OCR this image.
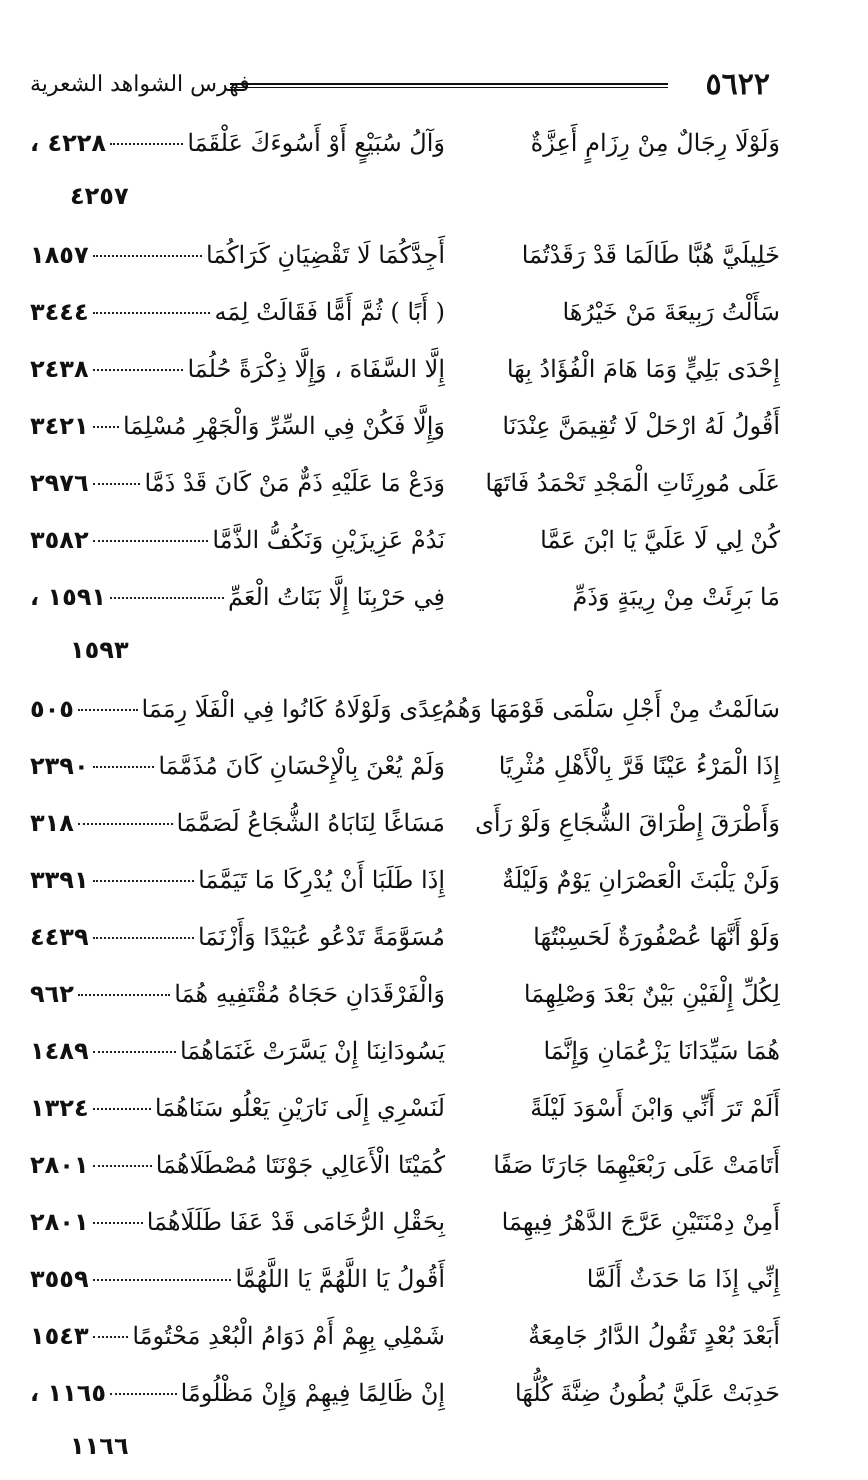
٥٦٢٢
فهرس الشواهد الشعرية
وَلَوْلَا رِجَالٌ مِنْ رِزَامٍ أَعِزَّةٌ
وَآلُ سُبَيْعٍ أَوْ أَسُوءَكَ عَلْقَمَا
٤٢٢٨ ،
٤٢٥٧
خَلِيلَيَّ هُبَّا طَالَمَا قَدْ رَقَدْتُمَا
أَجِدَّكُمَا لَا تَقْضِيَانِ كَرَاكُمَا
١٨٥٧
سَأَلْتُ رَبِيعَةَ مَنْ خَيْرُهَا
( أَبًا ) ثُمَّ أَمًّا فَقَالَتْ لِمَه
٣٤٤٤
إِحْدَى بَلِيٍّ وَمَا هَامَ الْفُؤَادُ بِهَا
إِلَّا السَّفَاهَ ، وَإِلَّا ذِكْرَةً حُلُمَا
٢٤٣٨
أَقُولُ لَهُ ارْحَلْ لَا تُقِيمَنَّ عِنْدَنَا
وَإِلَّا فَكُنْ فِي السِّرِّ وَالْجَهْرِ مُسْلِمَا
٣٤٢١
عَلَى مُورِثَاتِ الْمَجْدِ تَحْمَدُ فَاتَهَا
وَدَعْ مَا عَلَيْهِ ذَمٌّ مَنْ كَانَ قَدْ ذَمَّا
٢٩٧٦
كُنْ لِي لَا عَلَيَّ يَا ابْنَ عَمَّا
نَدُمْ عَزِيزَيْنِ وَنَكُفُّ الذَّمَّا
٣٥٨٢
مَا بَرِئَتْ مِنْ رِيبَةٍ وَذَمِّ
فِي حَرْبِنَا إِلَّا بَنَاتُ الْعَمِّ
١٥٩١ ،
١٥٩٣
سَالَمْتُ مِنْ أَجْلِ سَلْمَى قَوْمَهَا وَهُمُ
عِدًى وَلَوْلَاهُ كَانُوا فِي الْفَلَا رِمَمَا
٥٠٥
إِذَا الْمَرْءُ عَيْنًا قَرَّ بِالْأَهْلِ مُثْرِيًا
وَلَمْ يُعْنَ بِالْإِحْسَانِ كَانَ مُذَمَّمَا
٢٣٩٠
وَأَطْرَقَ إِطْرَاقَ الشُّجَاعِ وَلَوْ رَأَى
مَسَاغًا لِنَابَاهُ الشُّجَاعُ لَصَمَّمَا
٣١٨
وَلَنْ يَلْبَثَ الْعَصْرَانِ يَوْمٌ وَلَيْلَةٌ
إِذَا طَلَبَا أَنْ يُدْرِكَا مَا تَيَمَّمَا
٣٣٩١
وَلَوْ أَنَّهَا عُصْفُورَةٌ لَحَسِبْتُهَا
مُسَوَّمَةً تَدْعُو عُبَيْدًا وَأَزْنَمَا
٤٤٣٩
لِكُلِّ إِلْفَيْنِ بَيْنٌ بَعْدَ وَصْلِهِمَا
وَالْفَرْقَدَانِ حَجَاهُ مُقْتَفِيهِ هُمَا
٩٦٢
هُمَا سَيِّدَانَا يَزْعُمَانِ وَإِنَّمَا
يَسُودَانِنَا إِنْ يَسَّرَتْ غَنَمَاهُمَا
١٤٨٩
أَلَمْ تَرَ أَنِّي وَابْنَ أَسْوَدَ لَيْلَةً
لَنَسْرِي إِلَى نَارَيْنِ يَعْلُو سَنَاهُمَا
١٣٢٤
أَتَامَتْ عَلَى رَبْعَيْهِمَا جَارَتَا صَفًا
كُمَيْتَا الْأَعَالِي جَوْنَتَا مُصْطَلَاهُمَا
٢٨٠١
أَمِنْ دِمْنَتَيْنِ عَرَّجَ الدَّهْرُ فِيهِمَا
بِحَقْلِ الرُّخَامَى قَدْ عَفَا طَلَلَاهُمَا
٢٨٠١
إِنِّي إِذَا مَا حَدَثٌ أَلَمَّا
أَقُولُ يَا اللَّهُمَّ يَا اللَّهُمَّا
٣٥٥٩
أَبَعْدَ بُعْدٍ تَقُولُ الدَّارُ جَامِعَةٌ
شَمْلِي بِهِمْ أَمْ دَوَامُ الْبُعْدِ مَحْتُومًا
١٥٤٣
حَدِبَتْ عَلَيَّ بُطُونُ ضِنَّةَ كُلُّهَا
إِنْ ظَالِمًا فِيهِمْ وَإِنْ مَظْلُومًا
١١٦٥ ،
١١٦٦
